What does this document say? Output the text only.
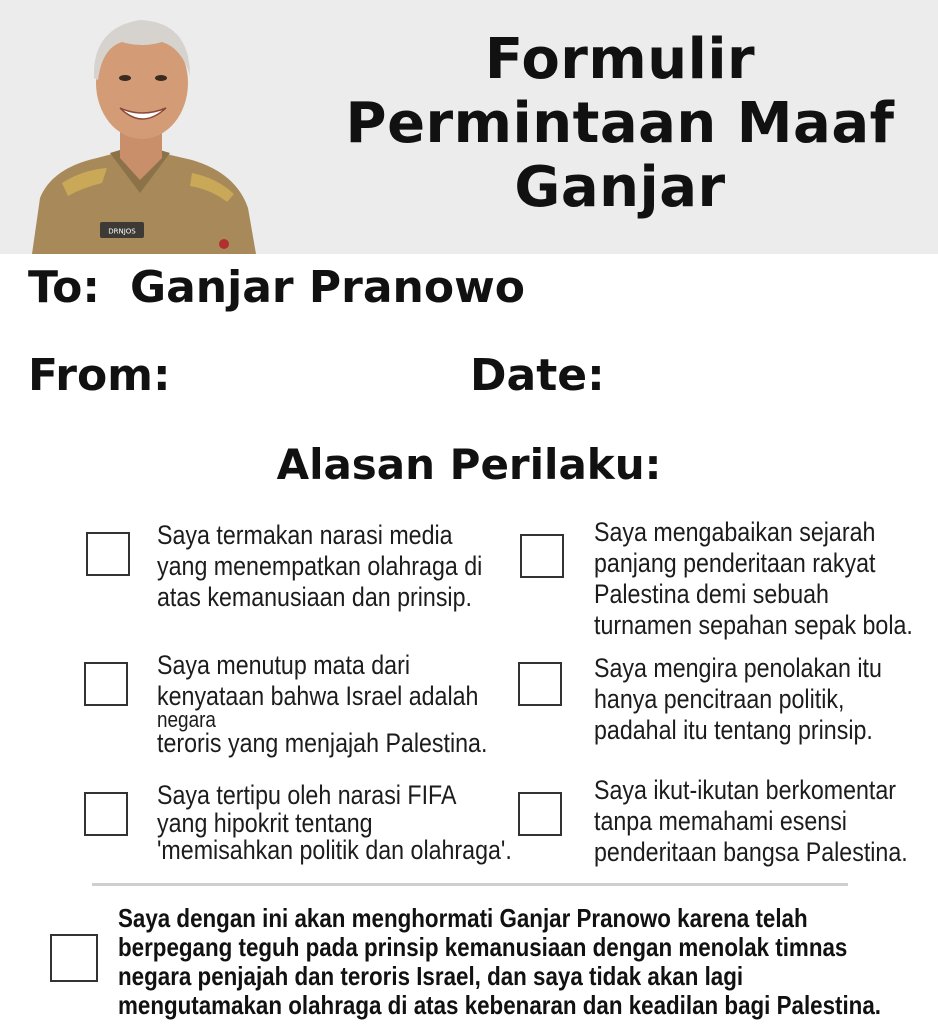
DRNJOS
Formulir
Permintaan Maaf
Ganjar
To: Ganjar Pranowo
From:	Date:
Alasan Perilaku:
Saya termakan narasi media
yang menempatkan olahraga di
atas kemanusiaan dan prinsip.
Saya mengabaikan sejarah
panjang penderitaan rakyat
Palestina demi sebuah
turnamen sepahan sepak bola.
Saya menutup mata dari
kenyataan bahwa Israel adalah
negara
teroris yang menjajah Palestina.
Saya mengira penolakan itu
hanya pencitraan politik,
padahal itu tentang prinsip.
Saya tertipu oleh narasi FIFA
yang hipokrit tentang
'memisahkan politik dan olahraga'.
Saya ikut-ikutan berkomentar
tanpa memahami esensi
penderitaan bangsa Palestina.
Saya dengan ini akan menghormati Ganjar Pranowo karena telah
berpegang teguh pada prinsip kemanusiaan dengan menolak timnas
negara penjajah dan teroris Israel, dan saya tidak akan lagi
mengutamakan olahraga di atas kebenaran dan keadilan bagi Palestina.
